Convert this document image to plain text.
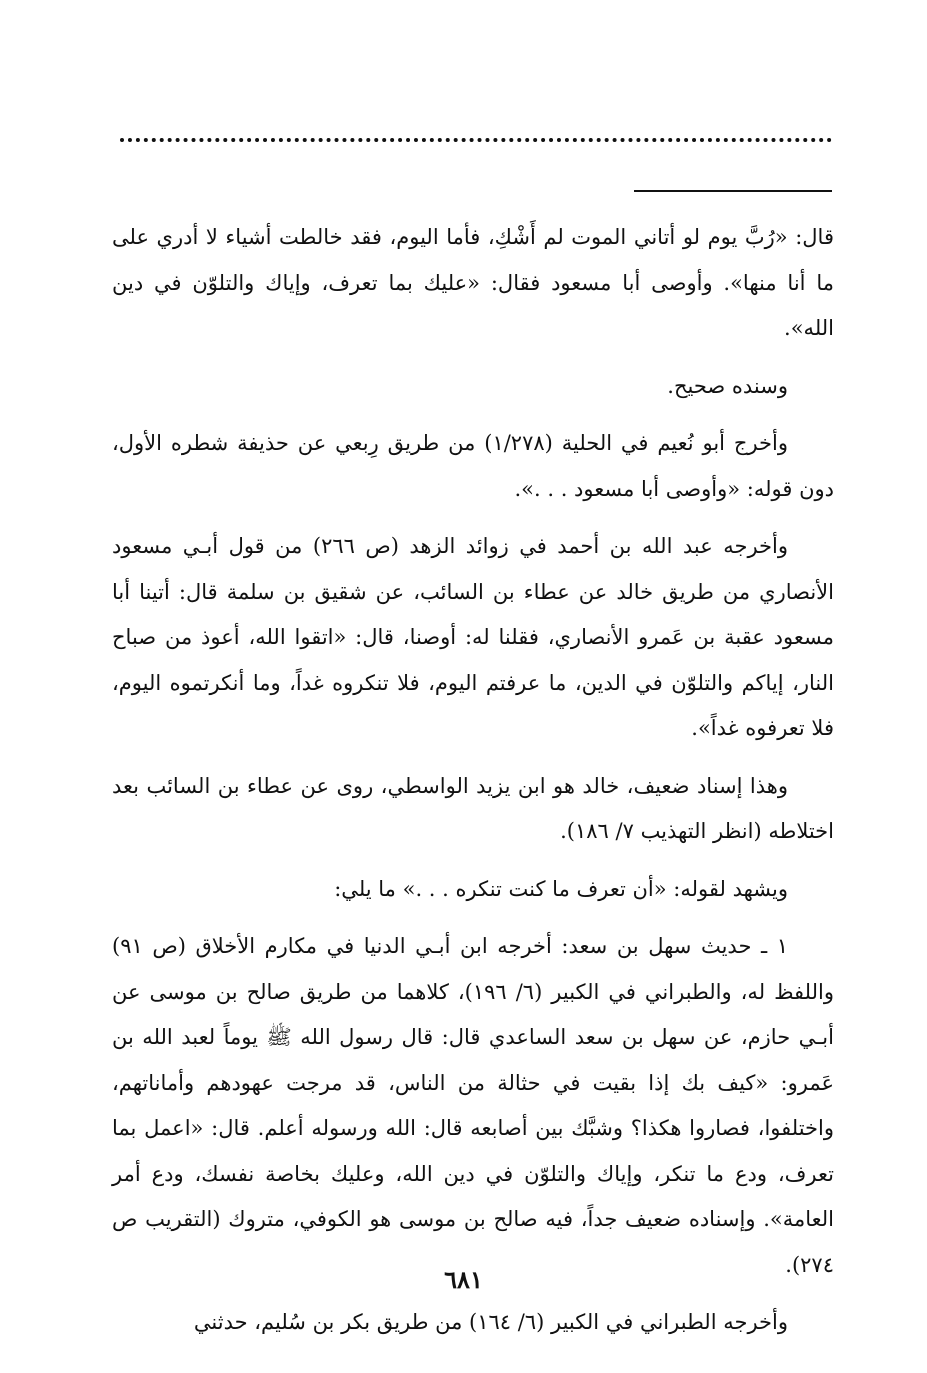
قال: «رُبَّ يوم لو أتاني الموت لم أَشْكِ، فأما اليوم، فقد خالطت أشياء لا أدري على ما أنا منها». وأوصى أبا مسعود فقال: «عليك بما تعرف، وإياك والتلوّن في دين الله».

وسنده صحيح.

وأخرج أبو نُعيم في الحلية (١/٢٧٨) من طريق رِبعي عن حذيفة شطره الأول، دون قوله: «وأوصى أبا مسعود . . .».

وأخرجه عبد الله بن أحمد في زوائد الزهد (ص ٢٦٦) من قول أبـي مسعود الأنصاري من طريق خالد عن عطاء بن السائب، عن شقيق بن سلمة قال: أتينا أبا مسعود عقبة بن عَمرو الأنصاري، فقلنا له: أوصنا، قال: «اتقوا الله، أعوذ من صباح النار، إياكم والتلوّن في الدين، ما عرفتم اليوم، فلا تنكروه غداً، وما أنكرتموه اليوم، فلا تعرفوه غداً».

وهذا إسناد ضعيف، خالد هو ابن يزيد الواسطي، روى عن عطاء بن السائب بعد اختلاطه (انظر التهذيب ٧/ ١٨٦).

ويشهد لقوله: «أن تعرف ما كنت تنكره . . .» ما يلي:

١ ـ حديث سهل بن سعد: أخرجه ابن أبـي الدنيا في مكارم الأخلاق (ص ٩١) واللفظ له، والطبراني في الكبير (٦/ ١٩٦)، كلاهما من طريق صالح بن موسى عن أبـي حازم، عن سهل بن سعد الساعدي قال: قال رسول الله ﷺ يوماً لعبد الله بن عَمرو: «كيف بك إذا بقيت في حثالة من الناس، قد مرجت عهودهم وأماناتهم، واختلفوا، فصاروا هكذا؟ وشبَّك بين أصابعه قال: الله ورسوله أعلم. قال: «اعمل بما تعرف، ودع ما تنكر، وإياك والتلوّن في دين الله، وعليك بخاصة نفسك، ودع أمر العامة». وإسناده ضعيف جداً، فيه صالح بن موسى هو الكوفي، متروك (التقريب ص ٢٧٤).

وأخرجه الطبراني في الكبير (٦/ ١٦٤) من طريق بكر بن سُليم، حدثني

٦٨١
